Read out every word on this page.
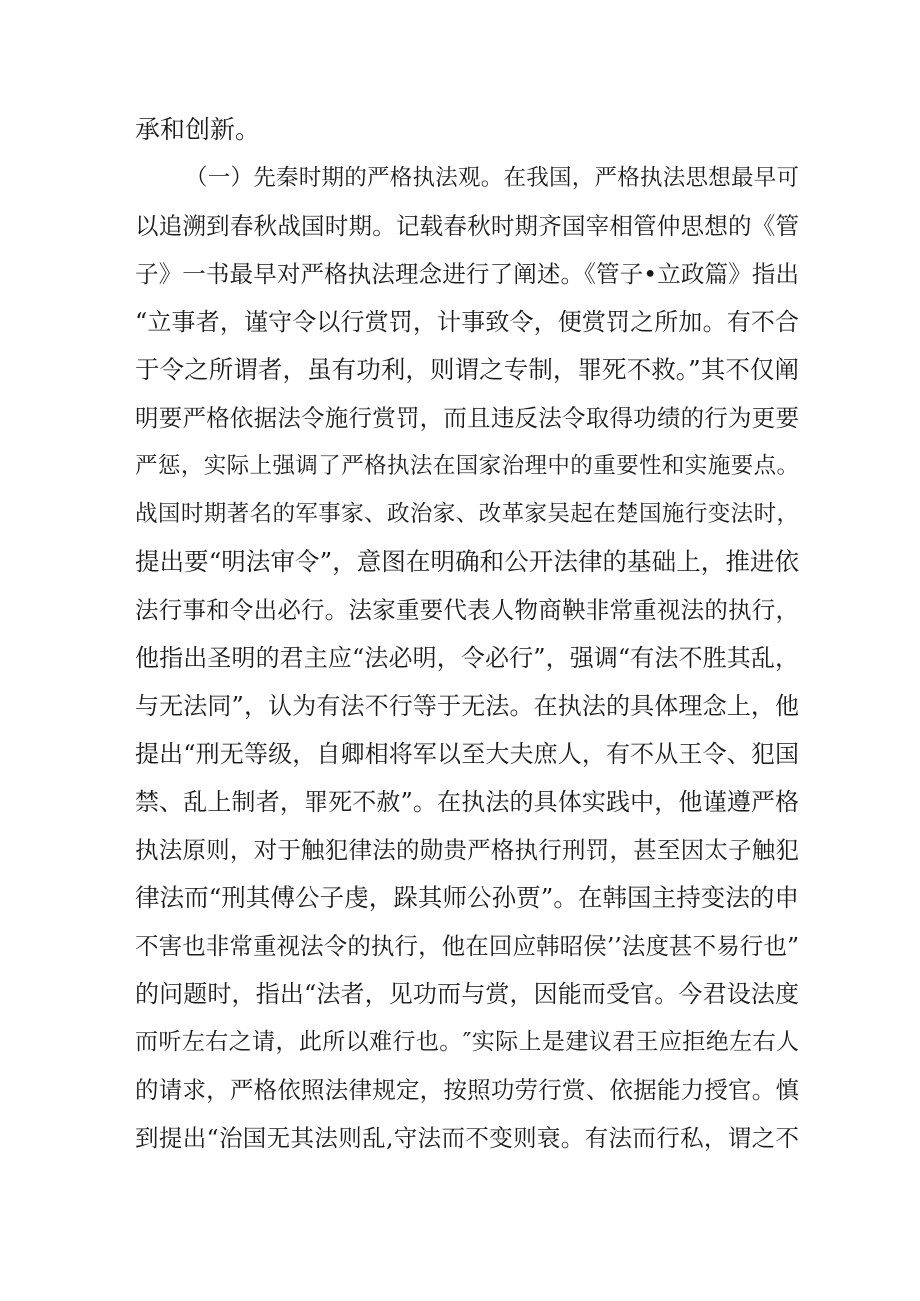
承和创新。
（一）先秦时期的严格执法观。在我国，严格执法思想最早可
以追溯到春秋战国时期。记载春秋时期齐国宰相管仲思想的《管
子》一书最早对严格执法理念进行了阐述。《管子•立政篇》指出
“立事者，谨守令以行赏罚，计事致令，便赏罚之所加。有不合
于令之所谓者，虽有功利，则谓之专制，罪死不救。”其不仅阐
明要严格依据法令施行赏罚，而且违反法令取得功绩的行为更要
严惩，实际上强调了严格执法在国家治理中的重要性和实施要点。
战国时期著名的军事家、政治家、改革家吴起在楚国施行变法时，
提出要“明法审令”，意图在明确和公开法律的基础上，推进依
法行事和令出必行。法家重要代表人物商鞅非常重视法的执行，
他指出圣明的君主应“法必明，令必行”，强调“有法不胜其乱，
与无法同”，认为有法不行等于无法。在执法的具体理念上，他
提出“刑无等级，自卿相将军以至大夫庶人，有不从王令、犯国
禁、乱上制者，罪死不赦”。在执法的具体实践中，他谨遵严格
执法原则，对于触犯律法的勋贵严格执行刑罚，甚至因太子触犯
律法而“刑其傅公子虔，跺其师公孙贾”。在韩国主持变法的申
不害也非常重视法令的执行，他在回应韩昭侯’’法度甚不易行也”
的问题时，指出“法者，见功而与赏，因能而受官。今君设法度
而听左右之请，此所以难行也。″实际上是建议君王应拒绝左右人
的请求，严格依照法律规定，按照功劳行赏、依据能力授官。慎
到提出“治国无其法则乱,守法而不变则衰。有法而行私，谓之不
